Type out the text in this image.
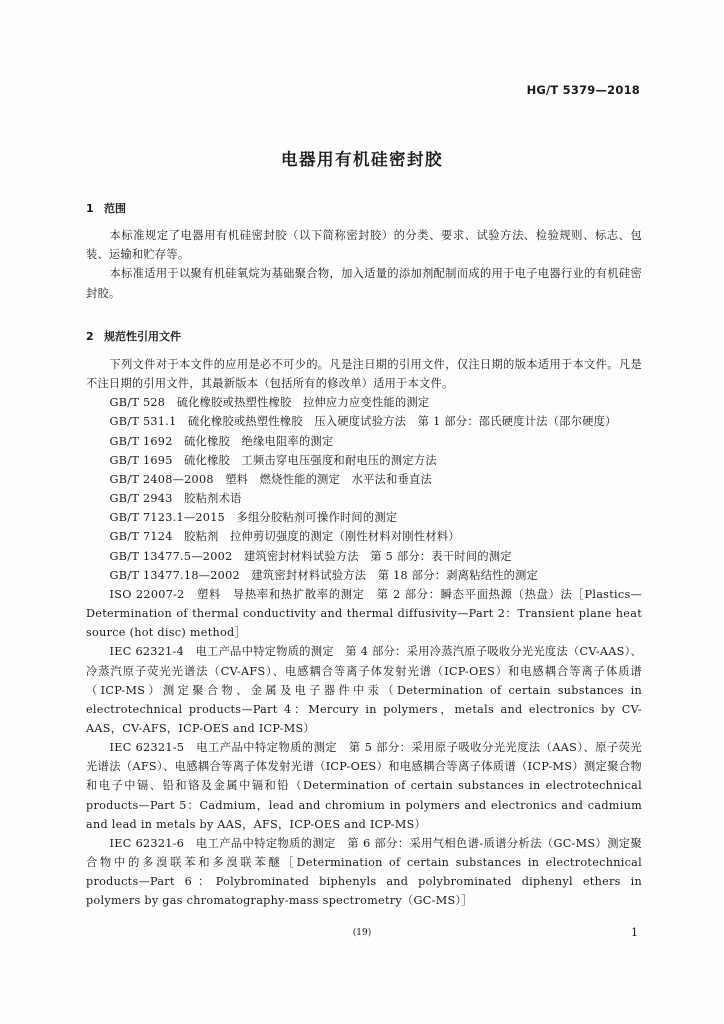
HG/T 5379—2018
电器用有机硅密封胶
1 范围

本标准规定了电器用有机硅密封胶（以下简称密封胶）的分类、要求、试验方法、检验规则、标志、包装、运输和贮存等。

本标准适用于以聚有机硅氧烷为基础聚合物，加入适量的添加剂配制而成的用于电子电器行业的有机硅密封胶。

2 规范性引用文件

下列文件对于本文件的应用是必不可少的。凡是注日期的引用文件，仅注日期的版本适用于本文件。凡是不注日期的引用文件，其最新版本（包括所有的修改单）适用于本文件。

GB/T 528　硫化橡胶或热塑性橡胶　拉伸应力应变性能的测定

GB/T 531.1　硫化橡胶或热塑性橡胶　压入硬度试验方法　第 1 部分：邵氏硬度计法（邵尔硬度）

GB/T 1692　硫化橡胶　绝缘电阻率的测定

GB/T 1695　硫化橡胶　工频击穿电压强度和耐电压的测定方法

GB/T 2408—2008　塑料　燃烧性能的测定　水平法和垂直法

GB/T 2943　胶粘剂术语

GB/T 7123.1—2015　多组分胶粘剂可操作时间的测定

GB/T 7124　胶粘剂　拉伸剪切强度的测定（刚性材料对刚性材料）

GB/T 13477.5—2002　建筑密封材料试验方法　第 5 部分：表干时间的测定

GB/T 13477.18—2002　建筑密封材料试验方法　第 18 部分：剥离粘结性的测定

ISO 22007-2　塑料　导热率和热扩散率的测定　第 2 部分：瞬态平面热源（热盘）法［Plastics—Determination of thermal conductivity and thermal diffusivity—Part 2：Transient plane heat source (hot disc) method］

IEC 62321-4　电工产品中特定物质的测定　第 4 部分：采用冷蒸汽原子吸收分光光度法（CV-AAS）、冷蒸汽原子荧光光谱法（CV-AFS）、电感耦合等离子体发射光谱（ICP-OES）和电感耦合等离子体质谱（ICP-MS）测定聚合物、金属及电子器件中汞（Determination of certain substances in electrotechnical products—Part 4：Mercury in polymers，metals and electronics by CV-AAS，CV-AFS，ICP-OES and ICP-MS）

IEC 62321-5　电工产品中特定物质的测定　第 5 部分：采用原子吸收分光光度法（AAS）、原子荧光光谱法（AFS）、电感耦合等离子体发射光谱（ICP-OES）和电感耦合等离子体质谱（ICP-MS）测定聚合物和电子中镉、铅和铬及金属中镉和铅（Determination of certain substances in electrotechnical products—Part 5：Cadmium，lead and chromium in polymers and electronics and cadmium and lead in metals by AAS，AFS，ICP-OES and ICP-MS）

IEC 62321-6　电工产品中特定物质的测定　第 6 部分：采用气相色谱-质谱分析法（GC-MS）测定聚合物中的多溴联苯和多溴联苯醚［Determination of certain substances in electrotechnical products—Part 6：Polybrominated biphenyls and polybrominated diphenyl ethers in polymers by gas chromatography-mass spectrometry（GC-MS）］

(19)	1
